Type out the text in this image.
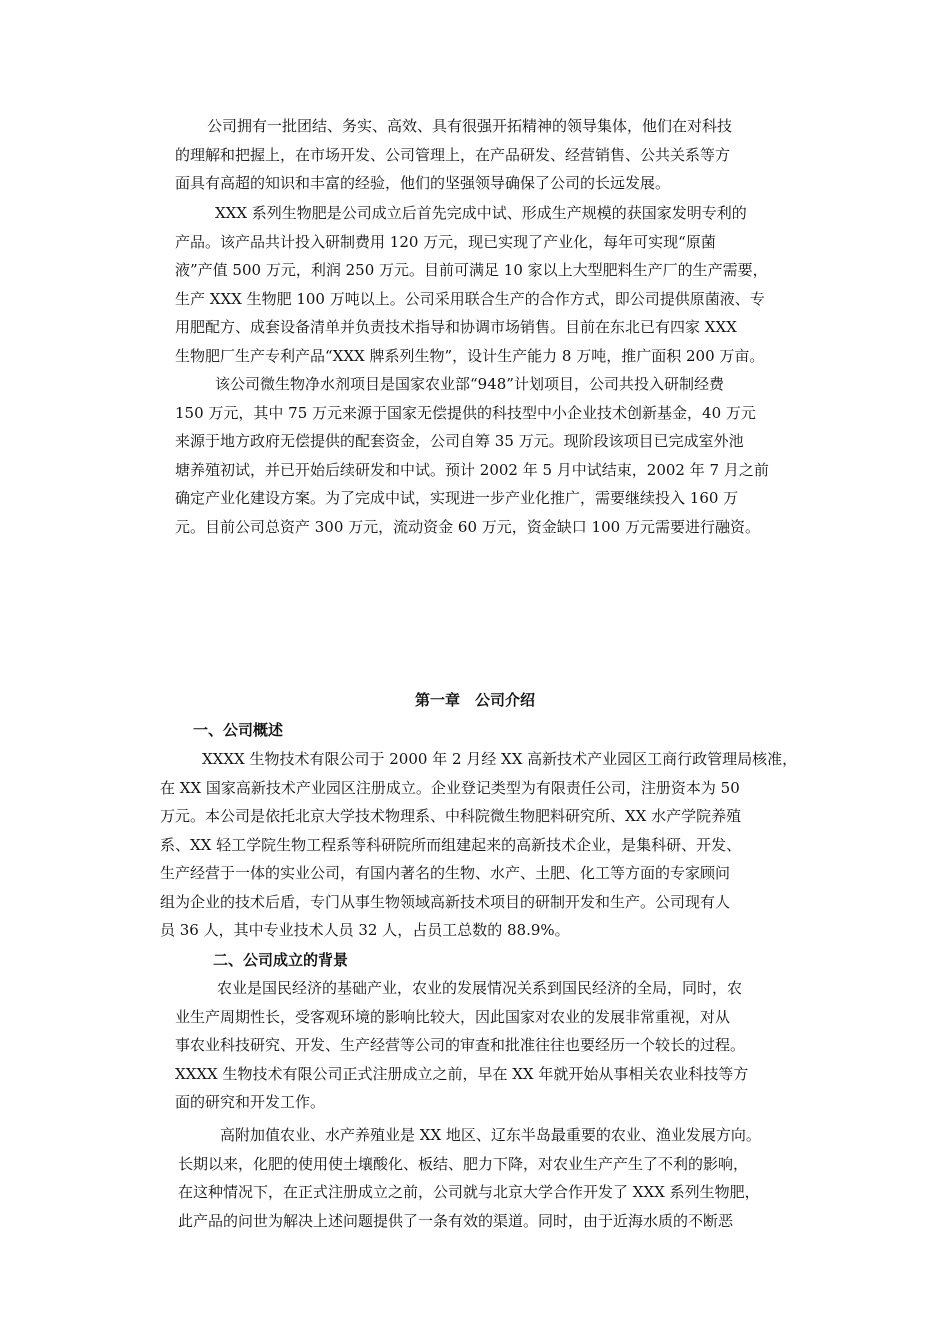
公司拥有一批团结、务实、高效、具有很强开拓精神的领导集体，他们在对科技
的理解和把握上，在市场开发、公司管理上，在产品研发、经营销售、公共关系等方
面具有高超的知识和丰富的经验，他们的坚强领导确保了公司的长远发展。
XXX 系列生物肥是公司成立后首先完成中试、形成生产规模的获国家发明专利的
产品。该产品共计投入研制费用 120 万元，现已实现了产业化，每年可实现“原菌
液”产值 500 万元，利润 250 万元。目前可满足 10 家以上大型肥料生产厂的生产需要，
生产 XXX 生物肥 100 万吨以上。公司采用联合生产的合作方式，即公司提供原菌液、专
用肥配方、成套设备清单并负责技术指导和协调市场销售。目前在东北已有四家 XXX
生物肥厂生产专利产品“XXX 牌系列生物”，设计生产能力 8 万吨，推广面积 200 万亩。
该公司微生物净水剂项目是国家农业部“948”计划项目，公司共投入研制经费
150 万元，其中 75 万元来源于国家无偿提供的科技型中小企业技术创新基金，40 万元
来源于地方政府无偿提供的配套资金，公司自筹 35 万元。现阶段该项目已完成室外池
塘养殖初试，并已开始后续研发和中试。预计 2002 年 5 月中试结束，2002 年 7 月之前
确定产业化建设方案。为了完成中试，实现进一步产业化推广，需要继续投入 160 万
元。目前公司总资产 300 万元，流动资金 60 万元，资金缺口 100 万元需要进行融资。
第一章　公司介绍
一、公司概述
XXXX 生物技术有限公司于 2000 年 2 月经 XX 高新技术产业园区工商行政管理局核准，
在 XX 国家高新技术产业园区注册成立。企业登记类型为有限责任公司，注册资本为 50
万元。本公司是依托北京大学技术物理系、中科院微生物肥料研究所、XX 水产学院养殖
系、XX 轻工学院生物工程系等科研院所而组建起来的高新技术企业，是集科研、开发、
生产经营于一体的实业公司，有国内著名的生物、水产、土肥、化工等方面的专家顾问
组为企业的技术后盾，专门从事生物领域高新技术项目的研制开发和生产。公司现有人
员 36 人，其中专业技术人员 32 人，占员工总数的 88.9%。
二、公司成立的背景
农业是国民经济的基础产业，农业的发展情况关系到国民经济的全局，同时，农
业生产周期性长，受客观环境的影响比较大，因此国家对农业的发展非常重视，对从
事农业科技研究、开发、生产经营等公司的审查和批准往往也要经历一个较长的过程。
XXXX 生物技术有限公司正式注册成立之前，早在 XX 年就开始从事相关农业科技等方
面的研究和开发工作。
高附加值农业、水产养殖业是 XX 地区、辽东半岛最重要的农业、渔业发展方向。
长期以来，化肥的使用使土壤酸化、板结、肥力下降，对农业生产产生了不利的影响，
在这种情况下，在正式注册成立之前，公司就与北京大学合作开发了 XXX 系列生物肥，
此产品的问世为解决上述问题提供了一条有效的渠道。同时，由于近海水质的不断恶
